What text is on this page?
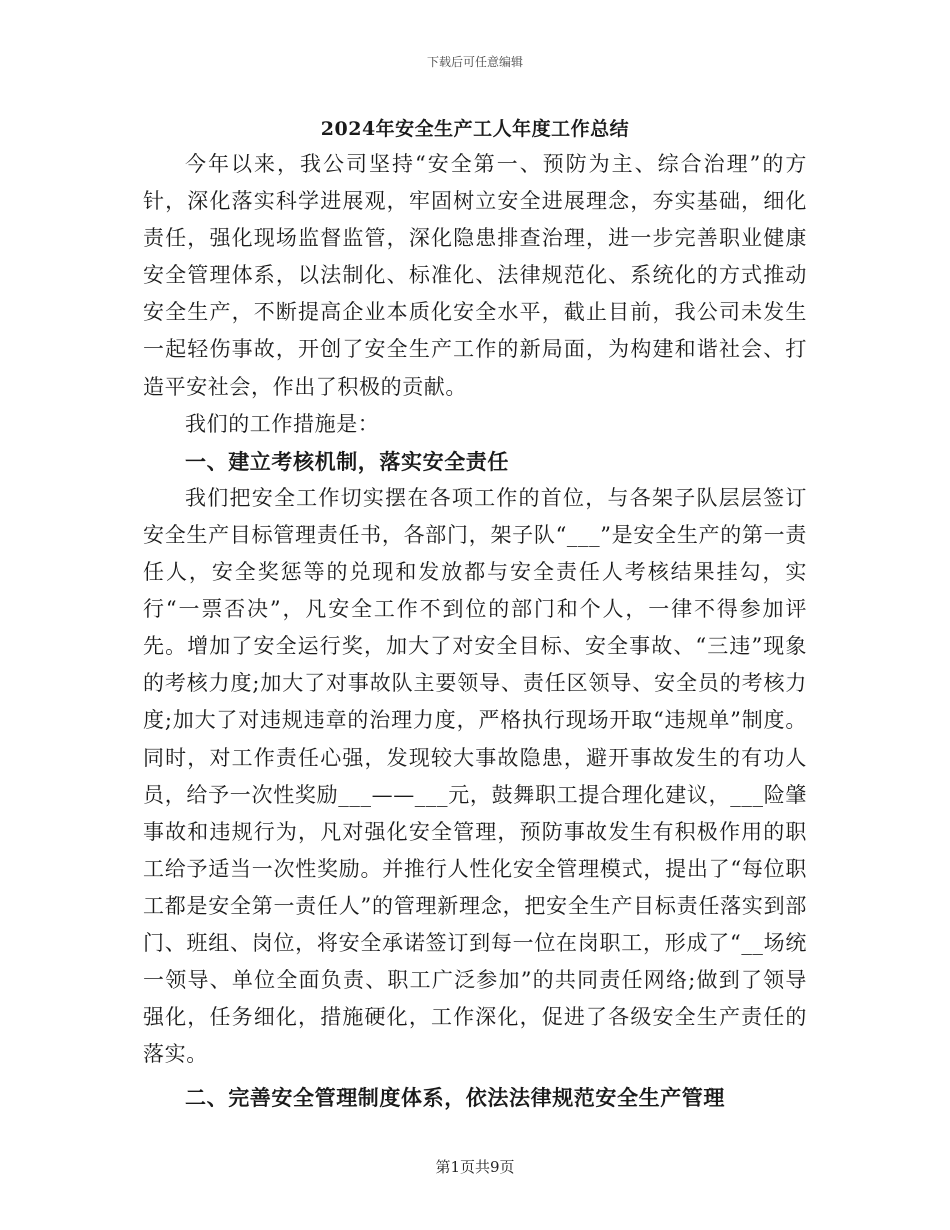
下载后可任意编辑
2024年安全生产工人年度工作总结

今年以来，我公司坚持“安全第一、预防为主、综合治理”的方针，深化落实科学进展观，牢固树立安全进展理念，夯实基础，细化责任，强化现场监督监管，深化隐患排查治理，进一步完善职业健康安全管理体系，以法制化、标准化、法律规范化、系统化的方式推动安全生产，不断提高企业本质化安全水平，截止目前，我公司未发生一起轻伤事故，开创了安全生产工作的新局面，为构建和谐社会、打造平安社会，作出了积极的贡献。

我们的工作措施是：

一、建立考核机制，落实安全责任

我们把安全工作切实摆在各项工作的首位，与各架子队层层签订安全生产目标管理责任书，各部门，架子队“___”是安全生产的第一责任人，安全奖惩等的兑现和发放都与安全责任人考核结果挂勾，实行“一票否决”，凡安全工作不到位的部门和个人，一律不得参加评先。增加了安全运行奖，加大了对安全目标、安全事故、“三违”现象的考核力度;加大了对事故队主要领导、责任区领导、安全员的考核力度;加大了对违规违章的治理力度，严格执行现场开取“违规单”制度。同时，对工作责任心强，发现较大事故隐患，避开事故发生的有功人员，给予一次性奖励___——___元，鼓舞职工提合理化建议，___险肇事故和违规行为，凡对强化安全管理，预防事故发生有积极作用的职工给予适当一次性奖励。并推行人性化安全管理模式，提出了“每位职工都是安全第一责任人”的管理新理念，把安全生产目标责任落实到部门、班组、岗位，将安全承诺签订到每一位在岗职工，形成了“__场统一领导、单位全面负责、职工广泛参加”的共同责任网络;做到了领导强化，任务细化，措施硬化，工作深化，促进了各级安全生产责任的落实。

二、完善安全管理制度体系，依法法律规范安全生产管理
第1页共9页
